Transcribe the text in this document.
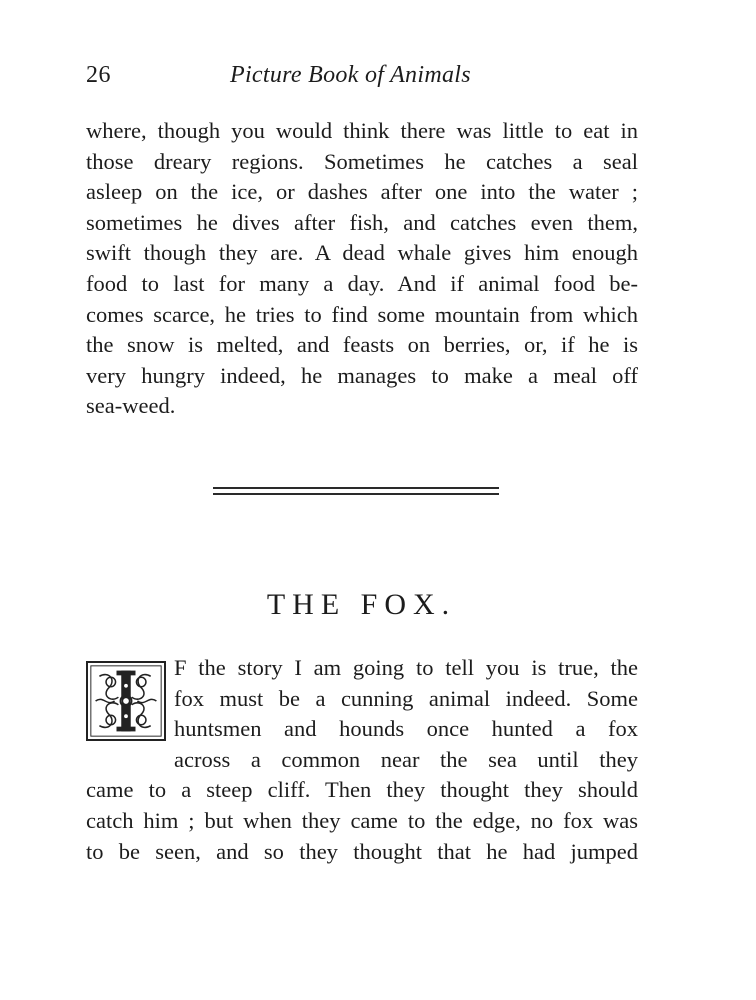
26	Picture Book of Animals
where, though you would think there was little to eat in
those dreary regions. Sometimes he catches a seal
asleep on the ice, or dashes after one into the water ;
sometimes he dives after fish, and catches even them,
swift though they are. A dead whale gives him enough
food to last for many a day. And if animal food be-
comes scarce, he tries to find some mountain from which
the snow is melted, and feasts on berries, or, if he is
very hungry indeed, he manages to make a meal off
sea-weed.
THE FOX.
F the story I am going to tell you is true, the
fox must be a cunning animal indeed. Some
huntsmen and hounds once hunted a fox
across a common near the sea until they
came to a steep cliff. Then they thought they should
catch him ; but when they came to the edge, no fox was
to be seen, and so they thought that he had jumped
